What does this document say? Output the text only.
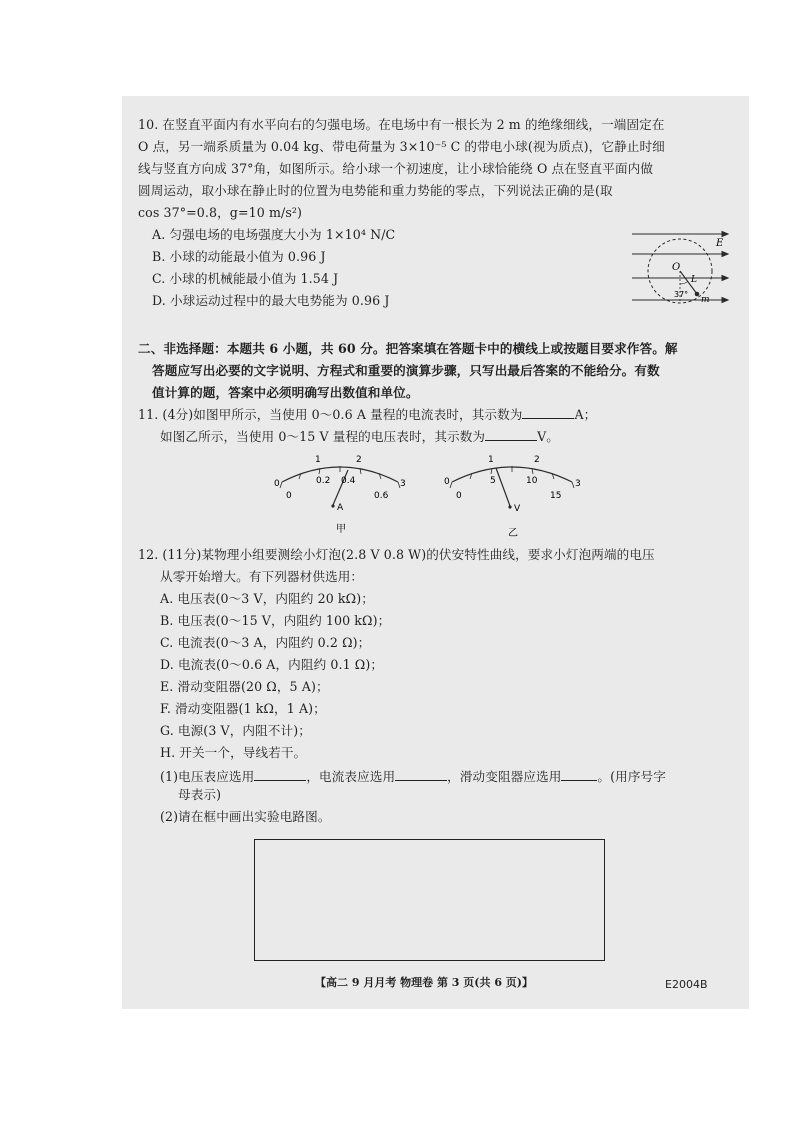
10. 在竖直平面内有水平向右的匀强电场。在电场中有一根长为 2 m 的绝缘细线，一端固定在
O 点，另一端系质量为 0.04 kg、带电荷量为 3×10⁻⁵ C 的带电小球(视为质点)，它静止时细
线与竖直方向成 37°角，如图所示。给小球一个初速度，让小球恰能绕 O 点在竖直平面内做
圆周运动，取小球在静止时的位置为电势能和重力势能的零点，下列说法正确的是(取
cos 37°=0.8，g=10 m/s²)
A. 匀强电场的电场强度大小为 1×10⁴ N/C
B. 小球的动能最小值为 0.96 J
C. 小球的机械能最小值为 1.54 J
D. 小球运动过程中的最大电势能为 0.96 J
E
O
L
m
37°
二、非选择题：本题共 6 小题，共 60 分。把答案填在答题卡中的横线上或按题目要求作答。解
答题应写出必要的文字说明、方程式和重要的演算步骤，只写出最后答案的不能给分。有数
值计算的题，答案中必须明确写出数值和单位。
11. (4分)如图甲所示，当使用 0～0.6 A 量程的电流表时，其示数为	A；
如图乙所示，当使用 0～15 V 量程的电压表时，其示数为	V。
0
1	2
3
0
0.2 0.4
0.6
A
甲
0
1	2
3
0
5	10
15
V
乙
12. (11分)某物理小组要测绘小灯泡(2.8 V 0.8 W)的伏安特性曲线，要求小灯泡两端的电压
从零开始增大。有下列器材供选用：
A. 电压表(0～3 V，内阻约 20 kΩ)；
B. 电压表(0～15 V，内阻约 100 kΩ)；
C. 电流表(0～3 A，内阻约 0.2 Ω)；
D. 电流表(0～0.6 A，内阻约 0.1 Ω)；
E. 滑动变阻器(20 Ω，5 A)；
F. 滑动变阻器(1 kΩ，1 A)；
G. 电源(3 V，内阻不计)；
H. 开关一个，导线若干。
(1)电压表应选用	，电流表应选用	，滑动变阻器应选用	。(用序号字
母表示)
(2)请在框中画出实验电路图。
【高二 9 月月考 物理卷 第 3 页(共 6 页)】	E2004B
